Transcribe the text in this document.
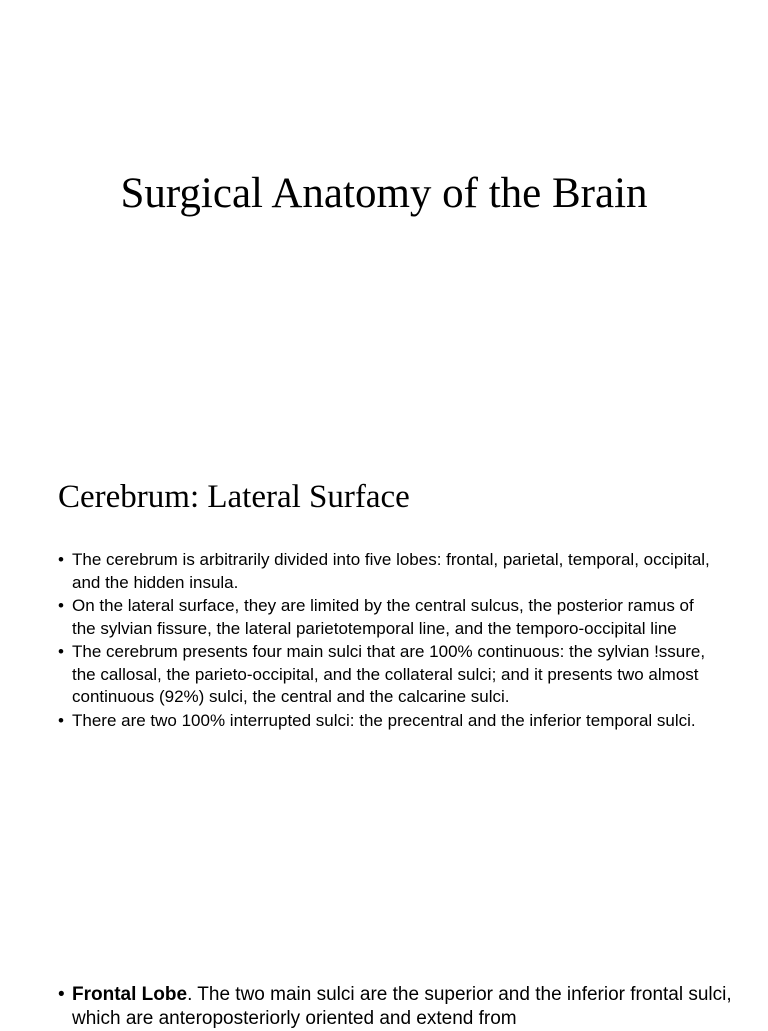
Surgical Anatomy of the Brain
Cerebrum: Lateral Surface
• The cerebrum is arbitrarily divided into five lobes: frontal, parietal, temporal, occipital, and the hidden insula.
• On the lateral surface, they are limited by the central sulcus, the posterior ramus of the sylvian fissure, the lateral parietotemporal line, and the temporo-occipital line
• The cerebrum presents four main sulci that are 100% continuous: the sylvian !ssure, the callosal, the parieto-occipital, and the collateral sulci; and it presents two almost continuous (92%) sulci, the central and the calcarine sulci.
• There are two 100% interrupted sulci: the precentral and the inferior temporal sulci.

• Frontal Lobe. The two main sulci are the superior and the inferior frontal sulci, which are anteroposteriorly oriented and extend from
